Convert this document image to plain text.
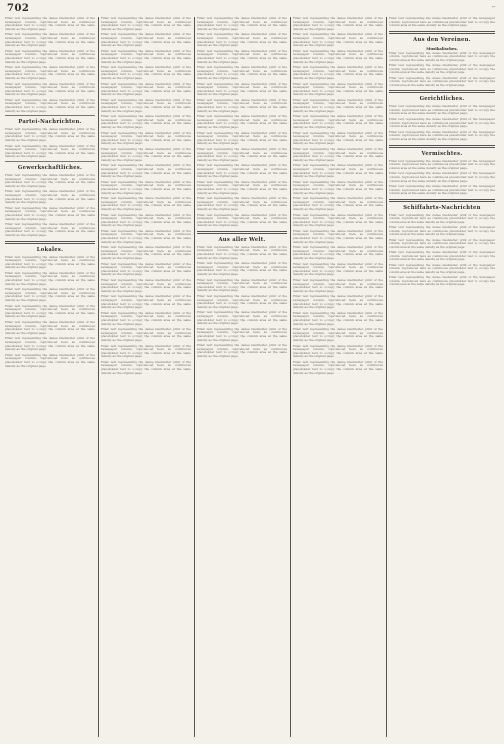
702	⌐
Filler text representing the dense blackletter print of the newspaper column, reproduced here as continuous placeholder text to occupy the column area at the same density as the original page.
Filler text representing the dense blackletter print of the newspaper column, reproduced here as continuous placeholder text to occupy the column area at the same density as the original page.
Filler text representing the dense blackletter print of the newspaper column, reproduced here as continuous placeholder text to occupy the column area at the same density as the original page.
Filler text representing the dense blackletter print of the newspaper column, reproduced here as continuous placeholder text to occupy the column area at the same density as the original page.
Filler text representing the dense blackletter print of the newspaper column, reproduced here as continuous placeholder text to occupy the column area at the same density as the original page.
Filler text representing the dense blackletter print of the newspaper column, reproduced here as continuous placeholder text to occupy the column area at the same density as the original page.
Partei-Nachrichten.
Filler text representing the dense blackletter print of the newspaper column, reproduced here as continuous placeholder text to occupy the column area at the same density as the original page.
Filler text representing the dense blackletter print of the newspaper column, reproduced here as continuous placeholder text to occupy the column area at the same density as the original page.
Gewerkschaftliches.
Filler text representing the dense blackletter print of the newspaper column, reproduced here as continuous placeholder text to occupy the column area at the same density as the original page.
Filler text representing the dense blackletter print of the newspaper column, reproduced here as continuous placeholder text to occupy the column area at the same density as the original page.
Filler text representing the dense blackletter print of the newspaper column, reproduced here as continuous placeholder text to occupy the column area at the same density as the original page.
Filler text representing the dense blackletter print of the newspaper column, reproduced here as continuous placeholder text to occupy the column area at the same density as the original page.
Lokales.
Filler text representing the dense blackletter print of the newspaper column, reproduced here as continuous placeholder text to occupy the column area at the same density as the original page.
Filler text representing the dense blackletter print of the newspaper column, reproduced here as continuous placeholder text to occupy the column area at the same density as the original page.
Filler text representing the dense blackletter print of the newspaper column, reproduced here as continuous placeholder text to occupy the column area at the same density as the original page.
Filler text representing the dense blackletter print of the newspaper column, reproduced here as continuous placeholder text to occupy the column area at the same density as the original page.
Filler text representing the dense blackletter print of the newspaper column, reproduced here as continuous placeholder text to occupy the column area at the same density as the original page.
Filler text representing the dense blackletter print of the newspaper column, reproduced here as continuous placeholder text to occupy the column area at the same density as the original page.
Filler text representing the dense blackletter print of the newspaper column, reproduced here as continuous placeholder text to occupy the column area at the same density as the original page.
Filler text representing the dense blackletter print of the newspaper column, reproduced here as continuous placeholder text to occupy the column area at the same density as the original page.
Filler text representing the dense blackletter print of the newspaper column, reproduced here as continuous placeholder text to occupy the column area at the same density as the original page.
Filler text representing the dense blackletter print of the newspaper column, reproduced here as continuous placeholder text to occupy the column area at the same density as the original page.
Filler text representing the dense blackletter print of the newspaper column, reproduced here as continuous placeholder text to occupy the column area at the same density as the original page.
Filler text representing the dense blackletter print of the newspaper column, reproduced here as continuous placeholder text to occupy the column area at the same density as the original page.
Filler text representing the dense blackletter print of the newspaper column, reproduced here as continuous placeholder text to occupy the column area at the same density as the original page.
Filler text representing the dense blackletter print of the newspaper column, reproduced here as continuous placeholder text to occupy the column area at the same density as the original page.
Filler text representing the dense blackletter print of the newspaper column, reproduced here as continuous placeholder text to occupy the column area at the same density as the original page.
Filler text representing the dense blackletter print of the newspaper column, reproduced here as continuous placeholder text to occupy the column area at the same density as the original page.
Filler text representing the dense blackletter print of the newspaper column, reproduced here as continuous placeholder text to occupy the column area at the same density as the original page.
Filler text representing the dense blackletter print of the newspaper column, reproduced here as continuous placeholder text to occupy the column area at the same density as the original page.
Filler text representing the dense blackletter print of the newspaper column, reproduced here as continuous placeholder text to occupy the column area at the same density as the original page.
Filler text representing the dense blackletter print of the newspaper column, reproduced here as continuous placeholder text to occupy the column area at the same density as the original page.
Filler text representing the dense blackletter print of the newspaper column, reproduced here as continuous placeholder text to occupy the column area at the same density as the original page.
Filler text representing the dense blackletter print of the newspaper column, reproduced here as continuous placeholder text to occupy the column area at the same density as the original page.
Filler text representing the dense blackletter print of the newspaper column, reproduced here as continuous placeholder text to occupy the column area at the same density as the original page.
Filler text representing the dense blackletter print of the newspaper column, reproduced here as continuous placeholder text to occupy the column area at the same density as the original page.
Filler text representing the dense blackletter print of the newspaper column, reproduced here as continuous placeholder text to occupy the column area at the same density as the original page.
Filler text representing the dense blackletter print of the newspaper column, reproduced here as continuous placeholder text to occupy the column area at the same density as the original page.
Filler text representing the dense blackletter print of the newspaper column, reproduced here as continuous placeholder text to occupy the column area at the same density as the original page.
Filler text representing the dense blackletter print of the newspaper column, reproduced here as continuous placeholder text to occupy the column area at the same density as the original page.
Filler text representing the dense blackletter print of the newspaper column, reproduced here as continuous placeholder text to occupy the column area at the same density as the original page.
Filler text representing the dense blackletter print of the newspaper column, reproduced here as continuous placeholder text to occupy the column area at the same density as the original page.
Filler text representing the dense blackletter print of the newspaper column, reproduced here as continuous placeholder text to occupy the column area at the same density as the original page.
Filler text representing the dense blackletter print of the newspaper column, reproduced here as continuous placeholder text to occupy the column area at the same density as the original page.
Filler text representing the dense blackletter print of the newspaper column, reproduced here as continuous placeholder text to occupy the column area at the same density as the original page.
Filler text representing the dense blackletter print of the newspaper column, reproduced here as continuous placeholder text to occupy the column area at the same density as the original page.
Filler text representing the dense blackletter print of the newspaper column, reproduced here as continuous placeholder text to occupy the column area at the same density as the original page.
Filler text representing the dense blackletter print of the newspaper column, reproduced here as continuous placeholder text to occupy the column area at the same density as the original page.
Filler text representing the dense blackletter print of the newspaper column, reproduced here as continuous placeholder text to occupy the column area at the same density as the original page.
Filler text representing the dense blackletter print of the newspaper column, reproduced here as continuous placeholder text to occupy the column area at the same density as the original page.
Filler text representing the dense blackletter print of the newspaper column, reproduced here as continuous placeholder text to occupy the column area at the same density as the original page.
Filler text representing the dense blackletter print of the newspaper column, reproduced here as continuous placeholder text to occupy the column area at the same density as the original page.
Filler text representing the dense blackletter print of the newspaper column, reproduced here as continuous placeholder text to occupy the column area at the same density as the original page.
Filler text representing the dense blackletter print of the newspaper column, reproduced here as continuous placeholder text to occupy the column area at the same density as the original page.
Aus aller Welt.
Filler text representing the dense blackletter print of the newspaper column, reproduced here as continuous placeholder text to occupy the column area at the same density as the original page.
Filler text representing the dense blackletter print of the newspaper column, reproduced here as continuous placeholder text to occupy the column area at the same density as the original page.
Filler text representing the dense blackletter print of the newspaper column, reproduced here as continuous placeholder text to occupy the column area at the same density as the original page.
Filler text representing the dense blackletter print of the newspaper column, reproduced here as continuous placeholder text to occupy the column area at the same density as the original page.
Filler text representing the dense blackletter print of the newspaper column, reproduced here as continuous placeholder text to occupy the column area at the same density as the original page.
Filler text representing the dense blackletter print of the newspaper column, reproduced here as continuous placeholder text to occupy the column area at the same density as the original page.
Filler text representing the dense blackletter print of the newspaper column, reproduced here as continuous placeholder text to occupy the column area at the same density as the original page.
Filler text representing the dense blackletter print of the newspaper column, reproduced here as continuous placeholder text to occupy the column area at the same density as the original page.
Filler text representing the dense blackletter print of the newspaper column, reproduced here as continuous placeholder text to occupy the column area at the same density as the original page.
Filler text representing the dense blackletter print of the newspaper column, reproduced here as continuous placeholder text to occupy the column area at the same density as the original page.
Filler text representing the dense blackletter print of the newspaper column, reproduced here as continuous placeholder text to occupy the column area at the same density as the original page.
Filler text representing the dense blackletter print of the newspaper column, reproduced here as continuous placeholder text to occupy the column area at the same density as the original page.
Filler text representing the dense blackletter print of the newspaper column, reproduced here as continuous placeholder text to occupy the column area at the same density as the original page.
Filler text representing the dense blackletter print of the newspaper column, reproduced here as continuous placeholder text to occupy the column area at the same density as the original page.
Filler text representing the dense blackletter print of the newspaper column, reproduced here as continuous placeholder text to occupy the column area at the same density as the original page.
Filler text representing the dense blackletter print of the newspaper column, reproduced here as continuous placeholder text to occupy the column area at the same density as the original page.
Filler text representing the dense blackletter print of the newspaper column, reproduced here as continuous placeholder text to occupy the column area at the same density as the original page.
Filler text representing the dense blackletter print of the newspaper column, reproduced here as continuous placeholder text to occupy the column area at the same density as the original page.
Filler text representing the dense blackletter print of the newspaper column, reproduced here as continuous placeholder text to occupy the column area at the same density as the original page.
Filler text representing the dense blackletter print of the newspaper column, reproduced here as continuous placeholder text to occupy the column area at the same density as the original page.
Filler text representing the dense blackletter print of the newspaper column, reproduced here as continuous placeholder text to occupy the column area at the same density as the original page.
Filler text representing the dense blackletter print of the newspaper column, reproduced here as continuous placeholder text to occupy the column area at the same density as the original page.
Filler text representing the dense blackletter print of the newspaper column, reproduced here as continuous placeholder text to occupy the column area at the same density as the original page.
Filler text representing the dense blackletter print of the newspaper column, reproduced here as continuous placeholder text to occupy the column area at the same density as the original page.
Filler text representing the dense blackletter print of the newspaper column, reproduced here as continuous placeholder text to occupy the column area at the same density as the original page.
Filler text representing the dense blackletter print of the newspaper column, reproduced here as continuous placeholder text to occupy the column area at the same density as the original page.
Filler text representing the dense blackletter print of the newspaper column, reproduced here as continuous placeholder text to occupy the column area at the same density as the original page.
Filler text representing the dense blackletter print of the newspaper column, reproduced here as continuous placeholder text to occupy the column area at the same density as the original page.
Filler text representing the dense blackletter print of the newspaper column, reproduced here as continuous placeholder text to occupy the column area at the same density as the original page.
Filler text representing the dense blackletter print of the newspaper column, reproduced here as continuous placeholder text to occupy the column area at the same density as the original page.
Aus den Vereinen.
Musikalisches.
Filler text representing the dense blackletter print of the newspaper column, reproduced here as continuous placeholder text to occupy the column area at the same density as the original page.
Filler text representing the dense blackletter print of the newspaper column, reproduced here as continuous placeholder text to occupy the column area at the same density as the original page.
Filler text representing the dense blackletter print of the newspaper column, reproduced here as continuous placeholder text to occupy the column area at the same density as the original page.
Gerichtliches.
Filler text representing the dense blackletter print of the newspaper column, reproduced here as continuous placeholder text to occupy the column area at the same density as the original page.
Filler text representing the dense blackletter print of the newspaper column, reproduced here as continuous placeholder text to occupy the column area at the same density as the original page.
Filler text representing the dense blackletter print of the newspaper column, reproduced here as continuous placeholder text to occupy the column area at the same density as the original page.
Vermischtes.
Filler text representing the dense blackletter print of the newspaper column, reproduced here as continuous placeholder text to occupy the column area at the same density as the original page.
Filler text representing the dense blackletter print of the newspaper column, reproduced here as continuous placeholder text to occupy the column area at the same density as the original page.
Filler text representing the dense blackletter print of the newspaper column, reproduced here as continuous placeholder text to occupy the column area at the same density as the original page.
Schiffahrts-Nachrichten
Filler text representing the dense blackletter print of the newspaper column, reproduced here as continuous placeholder text to occupy the column area at the same density as the original page.
Filler text representing the dense blackletter print of the newspaper column, reproduced here as continuous placeholder text to occupy the column area at the same density as the original page.
Filler text representing the dense blackletter print of the newspaper column, reproduced here as continuous placeholder text to occupy the column area at the same density as the original page.
Filler text representing the dense blackletter print of the newspaper column, reproduced here as continuous placeholder text to occupy the column area at the same density as the original page.
Filler text representing the dense blackletter print of the newspaper column, reproduced here as continuous placeholder text to occupy the column area at the same density as the original page.
Filler text representing the dense blackletter print of the newspaper column, reproduced here as continuous placeholder text to occupy the column area at the same density as the original page.
